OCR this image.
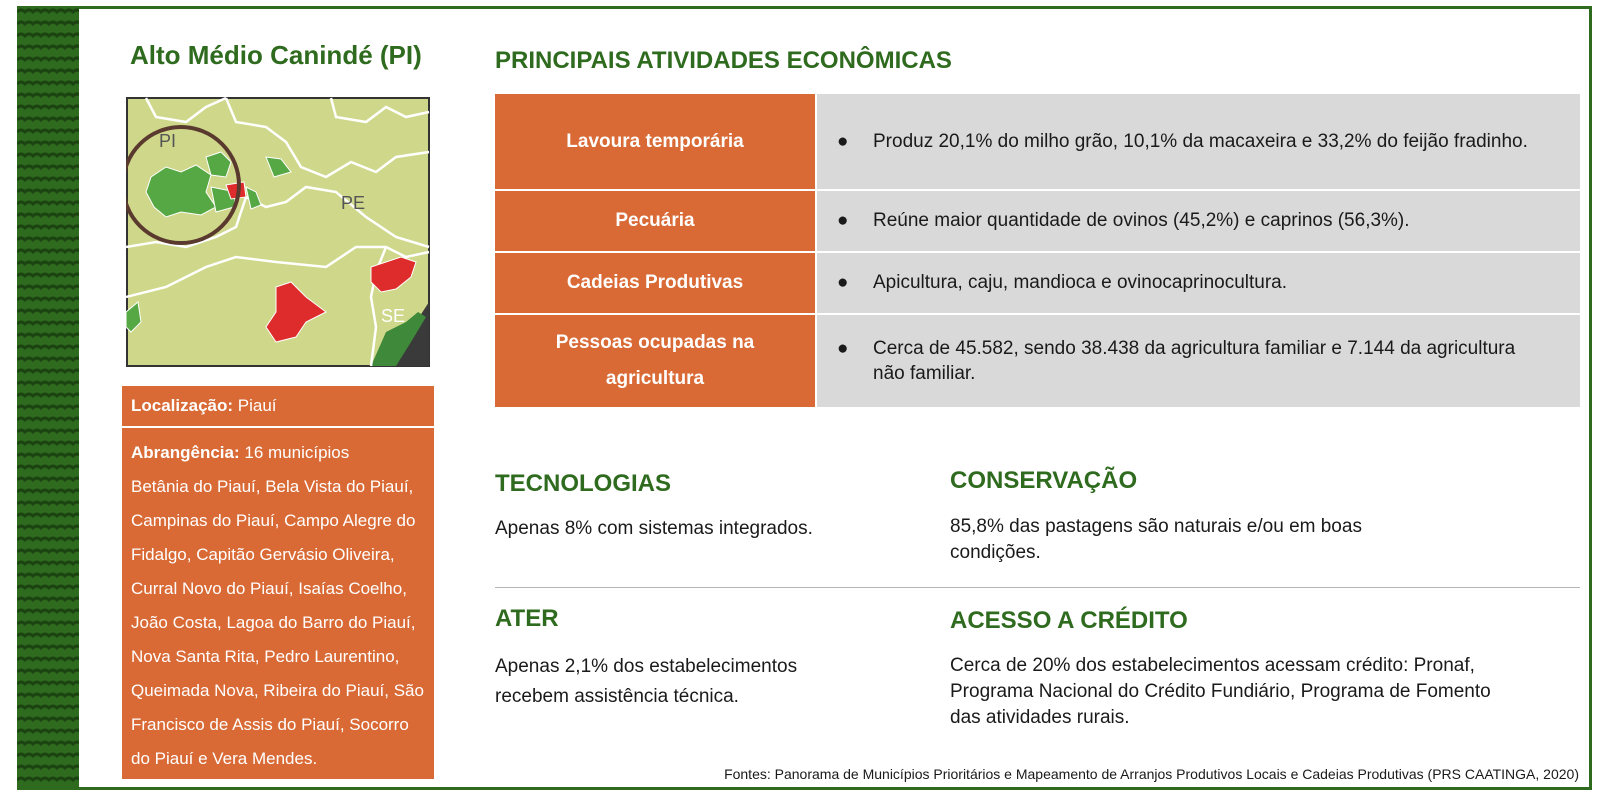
Alto Médio Canindé (PI)
PI
PE
SE
Localização: Piauí
Abrangência: 16 municípios
Betânia do Piauí, Bela Vista do Piauí, Campinas do Piauí, Campo Alegre do Fidalgo, Capitão Gervásio Oliveira, Curral Novo do Piauí, Isaías Coelho, João Costa, Lagoa do Barro do Piauí, Nova Santa Rita, Pedro Laurentino, Queimada Nova, Ribeira do Piauí, São Francisco de Assis do Piauí, Socorro do Piauí e Vera Mendes.
PRINCIPAIS ATIVIDADES ECONÔMICAS
Lavoura temporária	● Produz 20,1% do milho grão, 10,1% da macaxeira e 33,2% do feijão fradinho.

Pecuária	● Reúne maior quantidade de ovinos (45,2%) e caprinos (56,3%).

Cadeias Produtivas	● Apicultura, caju, mandioca e ovinocaprinocultura.

Pessoas ocupadas na agricultura	● Cerca de 45.582, sendo 38.438 da agricultura familiar e 7.144 da agricultura não familiar.
TECNOLOGIAS
Apenas 8% com sistemas integrados.
CONSERVAÇÃO
85,8% das pastagens são naturais e/ou em boas condições.
ATER
Apenas 2,1% dos estabelecimentos recebem assistência técnica.
ACESSO A CRÉDITO
Cerca de 20% dos estabelecimentos acessam crédito: Pronaf, Programa Nacional do Crédito Fundiário, Programa de Fomento das atividades rurais.
Fontes: Panorama de Municípios Prioritários e Mapeamento de Arranjos Produtivos Locais e Cadeias Produtivas (PRS CAATINGA, 2020)
